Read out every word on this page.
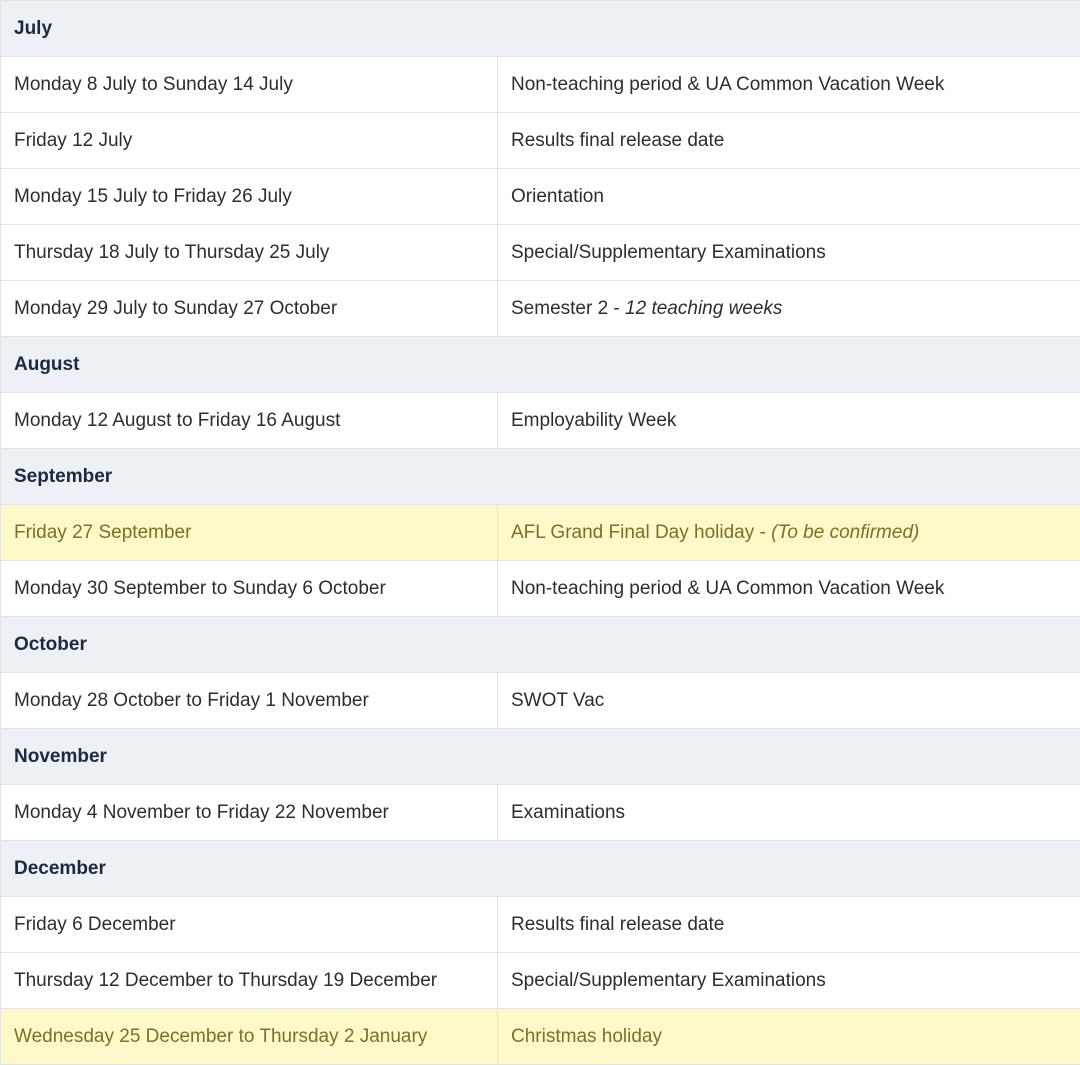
July	
Monday 8 July to Sunday 14 July	Non-teaching period & UA Common Vacation Week
Friday 12 July	Results final release date
Monday 15 July to Friday 26 July	Orientation
Thursday 18 July to Thursday 25 July	Special/Supplementary Examinations
Monday 29 July to Sunday 27 October	Semester 2 - 12 teaching weeks
August	
Monday 12 August to Friday 16 August	Employability Week
September	
Friday 27 September	AFL Grand Final Day holiday - (To be confirmed)
Monday 30 September to Sunday 6 October	Non-teaching period & UA Common Vacation Week
October	
Monday 28 October to Friday 1 November	SWOT Vac
November	
Monday 4 November to Friday 22 November	Examinations
December	
Friday 6 December	Results final release date
Thursday 12 December to Thursday 19 December	Special/Supplementary Examinations
Wednesday 25 December to Thursday 2 January	Christmas holiday
